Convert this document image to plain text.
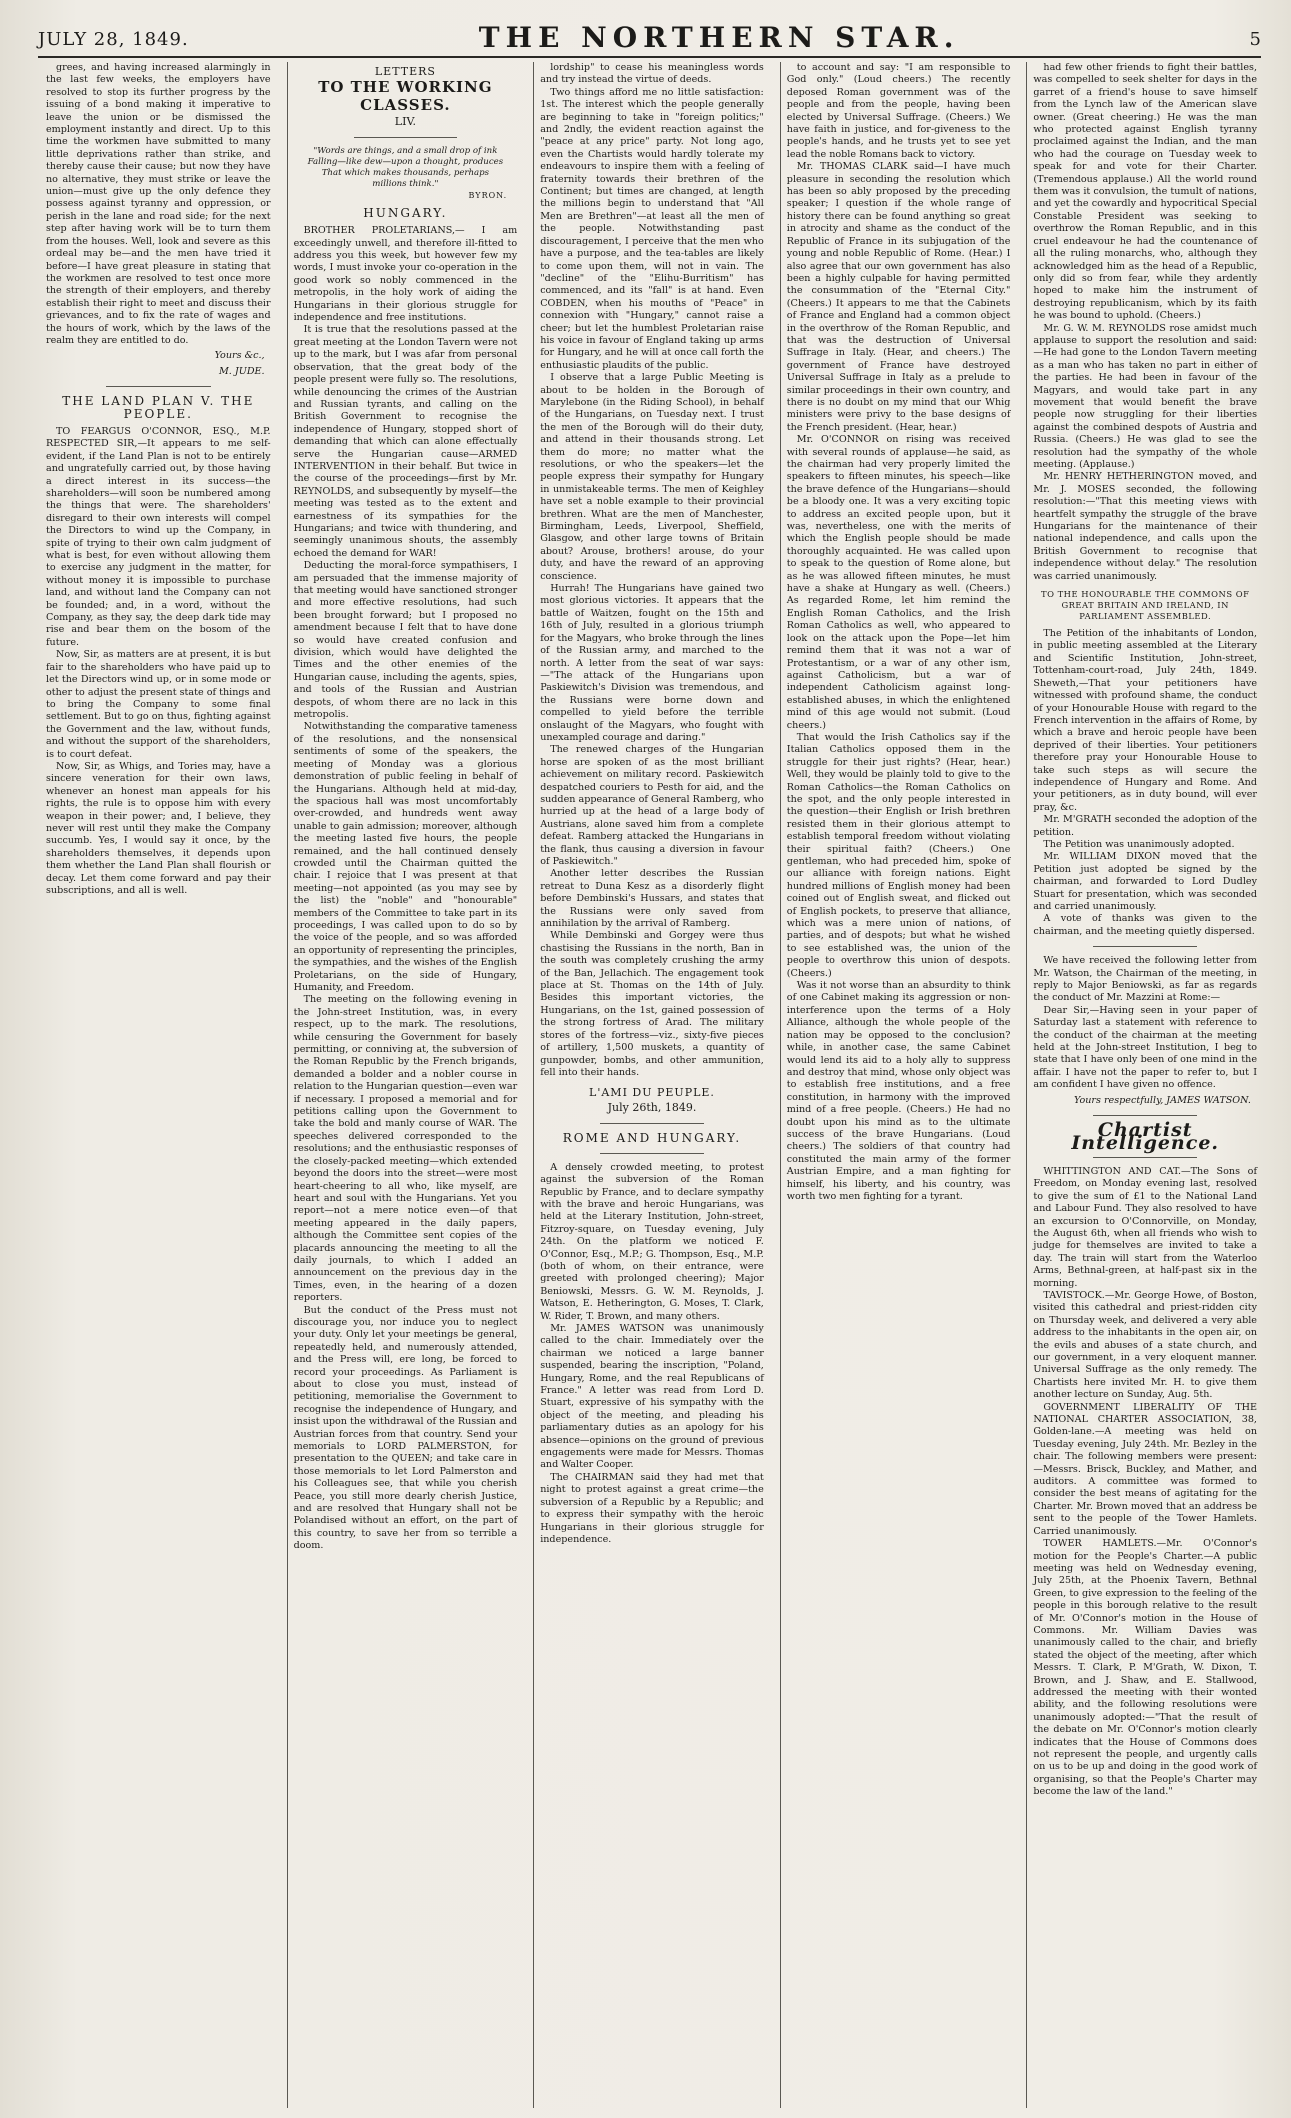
JULY 28, 1849.	THE NORTHERN STAR.	5

grees, and having increased alarmingly in the last few weeks, the employers have resolved to stop its further progress by the issuing of a bond making it imperative to leave the union or be dismissed the employment instantly and direct. Up to this time the workmen have submitted to many little deprivations rather than strike, and thereby cause their cause; but now they have no alternative, they must strike or leave the union—must give up the only defence they possess against tyranny and oppression, or perish in the lane and road side; for the next step after having work will be to turn them from the houses. Well, look and severe as this ordeal may be—and the men have tried it before—I have great pleasure in stating that the workmen are resolved to test once more the strength of their employers, and thereby establish their right to meet and discuss their grievances, and to fix the rate of wages and the hours of work, which by the laws of the realm they are entitled to do.

Yours &c.,
M. JUDE.
THE LAND PLAN V. THE PEOPLE.

TO FEARGUS O'CONNOR, ESQ., M.P. RESPECTED SIR,—It appears to me self-evident, if the Land Plan is not to be entirely and ungratefully carried out, by those having a direct interest in its success—the shareholders—will soon be numbered among the things that were. The shareholders' disregard to their own interests will compel the Directors to wind up the Company, in spite of trying to their own calm judgment of what is best, for even without allowing them to exercise any judgment in the matter, for without money it is impossible to purchase land, and without land the Company can not be founded; and, in a word, without the Company, as they say, the deep dark tide may rise and bear them on the bosom of the future.

Now, Sir, as matters are at present, it is but fair to the shareholders who have paid up to let the Directors wind up, or in some mode or other to adjust the present state of things and to bring the Company to some final settlement. But to go on thus, fighting against the Government and the law, without funds, and without the support of the shareholders, is to court defeat.

Now, Sir, as Whigs, and Tories may, have a sincere veneration for their own laws, whenever an honest man appeals for his rights, the rule is to oppose him with every weapon in their power; and, I believe, they never will rest until they make the Company succumb. Yes, I would say it once, by the shareholders themselves, it depends upon them whether the Land Plan shall flourish or decay. Let them come forward and pay their subscriptions, and all is well.

LETTERS
TO THE WORKING CLASSES.
LIV.
"Words are things, and a small drop of ink Falling—like dew—upon a thought, produces That which makes thousands, perhaps millions think."
BYRON.
HUNGARY.

BROTHER PROLETARIANS,— I am exceedingly unwell, and therefore ill-fitted to address you this week, but however few my words, I must invoke your co-operation in the good work so nobly commenced in the metropolis, in the holy work of aiding the Hungarians in their glorious struggle for independence and free institutions.

It is true that the resolutions passed at the great meeting at the London Tavern were not up to the mark, but I was afar from personal observation, that the great body of the people present were fully so. The resolutions, while denouncing the crimes of the Austrian and Russian tyrants, and calling on the British Government to recognise the independence of Hungary, stopped short of demanding that which can alone effectually serve the Hungarian cause—ARMED INTERVENTION in their behalf. But twice in the course of the proceedings—first by Mr. REYNOLDS, and subsequently by myself—the meeting was tested as to the extent and earnestness of its sympathies for the Hungarians; and twice with thundering, and seemingly unanimous shouts, the assembly echoed the demand for WAR!

Deducting the moral-force sympathisers, I am persuaded that the immense majority of that meeting would have sanctioned stronger and more effective resolutions, had such been brought forward; but I proposed no amendment because I felt that to have done so would have created confusion and division, which would have delighted the Times and the other enemies of the Hungarian cause, including the agents, spies, and tools of the Russian and Austrian despots, of whom there are no lack in this metropolis.

Notwithstanding the comparative tameness of the resolutions, and the nonsensical sentiments of some of the speakers, the meeting of Monday was a glorious demonstration of public feeling in behalf of the Hungarians. Although held at mid-day, the spacious hall was most uncomfortably over-crowded, and hundreds went away unable to gain admission; moreover, although the meeting lasted five hours, the people remained, and the hall continued densely crowded until the Chairman quitted the chair. I rejoice that I was present at that meeting—not appointed (as you may see by the list) the "noble" and "honourable" members of the Committee to take part in its proceedings, I was called upon to do so by the voice of the people, and so was afforded an opportunity of representing the principles, the sympathies, and the wishes of the English Proletarians, on the side of Hungary, Humanity, and Freedom.

The meeting on the following evening in the John-street Institution, was, in every respect, up to the mark. The resolutions, while censuring the Government for basely permitting, or conniving at, the subversion of the Roman Republic by the French brigands, demanded a bolder and a nobler course in relation to the Hungarian question—even war if necessary. I proposed a memorial and for petitions calling upon the Government to take the bold and manly course of WAR. The speeches delivered corresponded to the resolutions; and the enthusiastic responses of the closely-packed meeting—which extended beyond the doors into the street—were most heart-cheering to all who, like myself, are heart and soul with the Hungarians. Yet you report—not a mere notice even—of that meeting appeared in the daily papers, although the Committee sent copies of the placards announcing the meeting to all the daily journals, to which I added an announcement on the previous day in the Times, even, in the hearing of a dozen reporters.

But the conduct of the Press must not discourage you, nor induce you to neglect your duty. Only let your meetings be general, repeatedly held, and numerously attended, and the Press will, ere long, be forced to record your proceedings. As Parliament is about to close you must, instead of petitioning, memorialise the Government to recognise the independence of Hungary, and insist upon the withdrawal of the Russian and Austrian forces from that country. Send your memorials to LORD PALMERSTON, for presentation to the QUEEN; and take care in those memorials to let Lord Palmerston and his Colleagues see, that while you cherish Peace, you still more dearly cherish Justice, and are resolved that Hungary shall not be Polandised without an effort, on the part of this country, to save her from so terrible a doom.

lordship" to cease his meaningless words and try instead the virtue of deeds.

Two things afford me no little satisfaction: 1st. The interest which the people generally are beginning to take in "foreign politics;" and 2ndly, the evident reaction against the "peace at any price" party. Not long ago, even the Chartists would hardly tolerate my endeavours to inspire them with a feeling of fraternity towards their brethren of the Continent; but times are changed, at length the millions begin to understand that "All Men are Brethren"—at least all the men of the people. Notwithstanding past discouragement, I perceive that the men who have a purpose, and the tea-tables are likely to come upon them, will not in vain. The "decline" of the "Elihu-Burritism" has commenced, and its "fall" is at hand. Even COBDEN, when his mouths of "Peace" in connexion with "Hungary," cannot raise a cheer; but let the humblest Proletarian raise his voice in favour of England taking up arms for Hungary, and he will at once call forth the enthusiastic plaudits of the public.

I observe that a large Public Meeting is about to be holden in the Borough of Marylebone (in the Riding School), in behalf of the Hungarians, on Tuesday next. I trust the men of the Borough will do their duty, and attend in their thousands strong. Let them do more; no matter what the resolutions, or who the speakers—let the people express their sympathy for Hungary in unmistakeable terms. The men of Keighley have set a noble example to their provincial brethren. What are the men of Manchester, Birmingham, Leeds, Liverpool, Sheffield, Glasgow, and other large towns of Britain about? Arouse, brothers! arouse, do your duty, and have the reward of an approving conscience.

Hurrah! The Hungarians have gained two most glorious victories. It appears that the battle of Waitzen, fought on the 15th and 16th of July, resulted in a glorious triumph for the Magyars, who broke through the lines of the Russian army, and marched to the north. A letter from the seat of war says:—"The attack of the Hungarians upon Paskiewitch's Division was tremendous, and the Russians were borne down and compelled to yield before the terrible onslaught of the Magyars, who fought with unexampled courage and daring."

The renewed charges of the Hungarian horse are spoken of as the most brilliant achievement on military record. Paskiewitch despatched couriers to Pesth for aid, and the sudden appearance of General Ramberg, who hurried up at the head of a large body of Austrians, alone saved him from a complete defeat. Ramberg attacked the Hungarians in the flank, thus causing a diversion in favour of Paskiewitch."

Another letter describes the Russian retreat to Duna Kesz as a disorderly flight before Dembinski's Hussars, and states that the Russians were only saved from annihilation by the arrival of Ramberg.

While Dembinski and Gorgey were thus chastising the Russians in the north, Ban in the south was completely crushing the army of the Ban, Jellachich. The engagement took place at St. Thomas on the 14th of July. Besides this important victories, the Hungarians, on the 1st, gained possession of the strong fortress of Arad. The military stores of the fortress—viz., sixty-five pieces of artillery, 1,500 muskets, a quantity of gunpowder, bombs, and other ammunition, fell into their hands.

L'AMI DU PEUPLE.
July 26th, 1849.
ROME AND HUNGARY.

A densely crowded meeting, to protest against the subversion of the Roman Republic by France, and to declare sympathy with the brave and heroic Hungarians, was held at the Literary Institution, John-street, Fitzroy-square, on Tuesday evening, July 24th. On the platform we noticed F. O'Connor, Esq., M.P.; G. Thompson, Esq., M.P. (both of whom, on their entrance, were greeted with prolonged cheering); Major Beniowski, Messrs. G. W. M. Reynolds, J. Watson, E. Hetherington, G. Moses, T. Clark, W. Rider, T. Brown, and many others.

Mr. JAMES WATSON was unanimously called to the chair. Immediately over the chairman we noticed a large banner suspended, bearing the inscription, "Poland, Hungary, Rome, and the real Republicans of France." A letter was read from Lord D. Stuart, expressive of his sympathy with the object of the meeting, and pleading his parliamentary duties as an apology for his absence—opinions on the ground of previous engagements were made for Messrs. Thomas and Walter Cooper.

The CHAIRMAN said they had met that night to protest against a great crime—the subversion of a Republic by a Republic; and to express their sympathy with the heroic Hungarians in their glorious struggle for independence.

to account and say: "I am responsible to God only." (Loud cheers.) The recently deposed Roman government was of the people and from the people, having been elected by Universal Suffrage. (Cheers.) We have faith in justice, and for-giveness to the people's hands, and he trusts yet to see yet lead the noble Romans back to victory.

Mr. THOMAS CLARK said—I have much pleasure in seconding the resolution which has been so ably proposed by the preceding speaker; I question if the whole range of history there can be found anything so great in atrocity and shame as the conduct of the Republic of France in its subjugation of the young and noble Republic of Rome. (Hear.) I also agree that our own government has also been a highly culpable for having permitted the consummation of the "Eternal City." (Cheers.) It appears to me that the Cabinets of France and England had a common object in the overthrow of the Roman Republic, and that was the destruction of Universal Suffrage in Italy. (Hear, and cheers.) The government of France have destroyed Universal Suffrage in Italy as a prelude to similar proceedings in their own country, and there is no doubt on my mind that our Whig ministers were privy to the base designs of the French president. (Hear, hear.)

Mr. O'CONNOR on rising was received with several rounds of applause—he said, as the chairman had very properly limited the speakers to fifteen minutes, his speech—like the brave defence of the Hungarians—should be a bloody one. It was a very exciting topic to address an excited people upon, but it was, nevertheless, one with the merits of which the English people should be made thoroughly acquainted. He was called upon to speak to the question of Rome alone, but as he was allowed fifteen minutes, he must have a shake at Hungary as well. (Cheers.) As regarded Rome, let him remind the English Roman Catholics, and the Irish Roman Catholics as well, who appeared to look on the attack upon the Pope—let him remind them that it was not a war of Protestantism, or a war of any other ism, against Catholicism, but a war of independent Catholicism against long-established abuses, in which the enlightened mind of this age would not submit. (Loud cheers.)

That would the Irish Catholics say if the Italian Catholics opposed them in the struggle for their just rights? (Hear, hear.) Well, they would be plainly told to give to the Roman Catholics—the Roman Catholics on the spot, and the only people interested in the question—their English or Irish brethren resisted them in their glorious attempt to establish temporal freedom without violating their spiritual faith? (Cheers.) One gentleman, who had preceded him, spoke of our alliance with foreign nations. Eight hundred millions of English money had been coined out of English sweat, and flicked out of English pockets, to preserve that alliance, which was a mere union of nations, of parties, and of despots; but what he wished to see established was, the union of the people to overthrow this union of despots. (Cheers.)

Was it not worse than an absurdity to think of one Cabinet making its aggression or non-interference upon the terms of a Holy Alliance, although the whole people of the nation may be opposed to the conclusion? while, in another case, the same Cabinet would lend its aid to a holy ally to suppress and destroy that mind, whose only object was to establish free institutions, and a free constitution, in harmony with the improved mind of a free people. (Cheers.) He had no doubt upon his mind as to the ultimate success of the brave Hungarians. (Loud cheers.) The soldiers of that country had constituted the main army of the former Austrian Empire, and a man fighting for himself, his liberty, and his country, was worth two men fighting for a tyrant.

had few other friends to fight their battles, was compelled to seek shelter for days in the garret of a friend's house to save himself from the Lynch law of the American slave owner. (Great cheering.) He was the man who protected against English tyranny proclaimed against the Indian, and the man who had the courage on Tuesday week to speak for and vote for their Charter. (Tremendous applause.) All the world round them was it convulsion, the tumult of nations, and yet the cowardly and hypocritical Special Constable President was seeking to overthrow the Roman Republic, and in this cruel endeavour he had the countenance of all the ruling monarchs, who, although they acknowledged him as the head of a Republic, only did so from fear, while they ardently hoped to make him the instrument of destroying republicanism, which by its faith he was bound to uphold. (Cheers.)

Mr. G. W. M. REYNOLDS rose amidst much applause to support the resolution and said:—He had gone to the London Tavern meeting as a man who has taken no part in either of the parties. He had been in favour of the Magyars, and would take part in any movement that would benefit the brave people now struggling for their liberties against the combined despots of Austria and Russia. (Cheers.) He was glad to see the resolution had the sympathy of the whole meeting. (Applause.)

Mr. HENRY HETHERINGTON moved, and Mr. J. MOSES seconded, the following resolution:—"That this meeting views with heartfelt sympathy the struggle of the brave Hungarians for the maintenance of their national independence, and calls upon the British Government to recognise that independence without delay." The resolution was carried unanimously.

TO THE HONOURABLE THE COMMONS OF GREAT BRITAIN AND IRELAND, IN PARLIAMENT ASSEMBLED.

The Petition of the inhabitants of London, in public meeting assembled at the Literary and Scientific Institution, John-street, Tottenham-court-road, July 24th, 1849. Sheweth,—That your petitioners have witnessed with profound shame, the conduct of your Honourable House with regard to the French intervention in the affairs of Rome, by which a brave and heroic people have been deprived of their liberties. Your petitioners therefore pray your Honourable House to take such steps as will secure the independence of Hungary and Rome. And your petitioners, as in duty bound, will ever pray, &c.

Mr. M'GRATH seconded the adoption of the petition.

The Petition was unanimously adopted.

Mr. WILLIAM DIXON moved that the Petition just adopted be signed by the chairman, and forwarded to Lord Dudley Stuart for presentation, which was seconded and carried unanimously.

A vote of thanks was given to the chairman, and the meeting quietly dispersed.

We have received the following letter from Mr. Watson, the Chairman of the meeting, in reply to Major Beniowski, as far as regards the conduct of Mr. Mazzini at Rome:—

Dear Sir,—Having seen in your paper of Saturday last a statement with reference to the conduct of the chairman at the meeting held at the John-street Institution, I beg to state that I have only been of one mind in the affair. I have not the paper to refer to, but I am confident I have given no offence.

Yours respectfully, JAMES WATSON.
Chartist Intelligence.

WHITTINGTON AND CAT.—The Sons of Freedom, on Monday evening last, resolved to give the sum of £1 to the National Land and Labour Fund. They also resolved to have an excursion to O'Connorville, on Monday, the August 6th, when all friends who wish to judge for themselves are invited to take a day. The train will start from the Waterloo Arms, Bethnal-green, at half-past six in the morning.

TAVISTOCK.—Mr. George Howe, of Boston, visited this cathedral and priest-ridden city on Thursday week, and delivered a very able address to the inhabitants in the open air, on the evils and abuses of a state church, and our government, in a very eloquent manner. Universal Suffrage as the only remedy. The Chartists here invited Mr. H. to give them another lecture on Sunday, Aug. 5th.

GOVERNMENT LIBERALITY OF THE NATIONAL CHARTER ASSOCIATION, 38, Golden-lane.—A meeting was held on Tuesday evening, July 24th. Mr. Bezley in the chair. The following members were present:—Messrs. Brisck, Buckley, and Mather, and auditors. A committee was formed to consider the best means of agitating for the Charter. Mr. Brown moved that an address be sent to the people of the Tower Hamlets. Carried unanimously.

TOWER HAMLETS.—Mr. O'Connor's motion for the People's Charter.—A public meeting was held on Wednesday evening, July 25th, at the Phoenix Tavern, Bethnal Green, to give expression to the feeling of the people in this borough relative to the result of Mr. O'Connor's motion in the House of Commons. Mr. William Davies was unanimously called to the chair, and briefly stated the object of the meeting, after which Messrs. T. Clark, P. M'Grath, W. Dixon, T. Brown, and J. Shaw, and E. Stallwood, addressed the meeting with their wonted ability, and the following resolutions were unanimously adopted:—"That the result of the debate on Mr. O'Connor's motion clearly indicates that the House of Commons does not represent the people, and urgently calls on us to be up and doing in the good work of organising, so that the People's Charter may become the law of the land."
